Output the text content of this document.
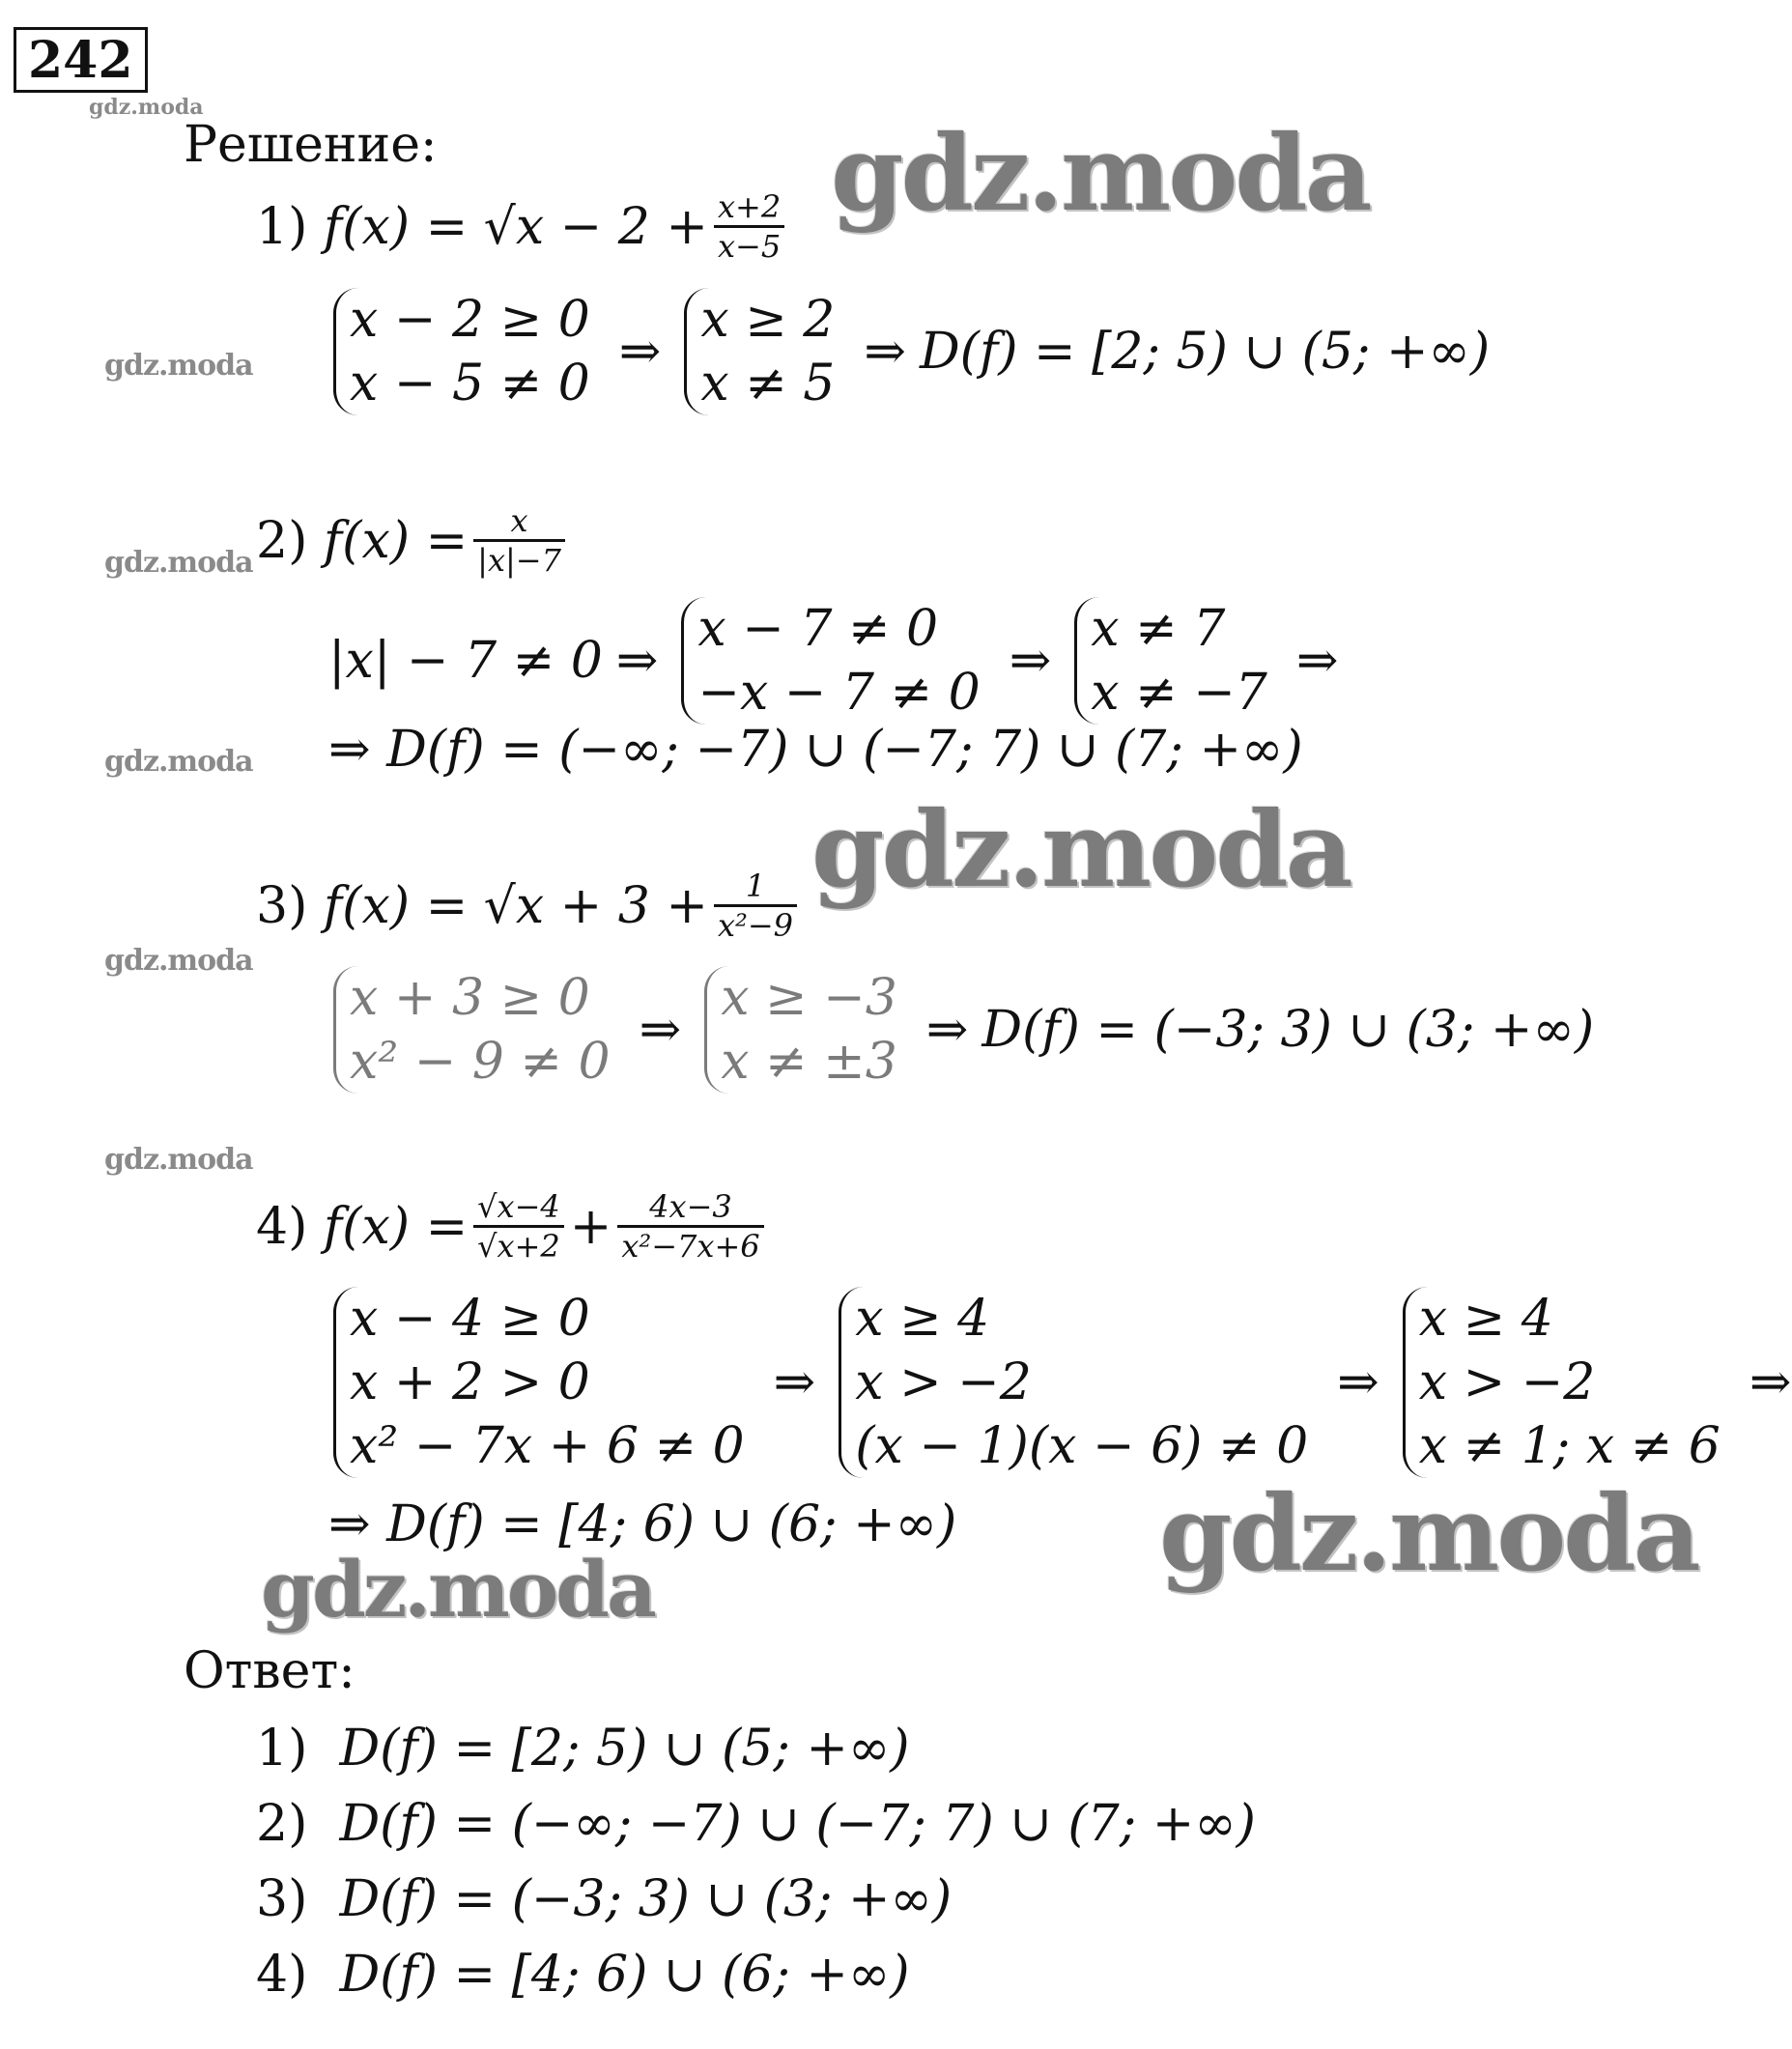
242
gdz.moda
Решение:
1)
$f(x) = √x - 2 + \frac{x+2}{x-5}$
x − 2 ≥ 0
x − 5 ≠ 0
⇒
x ≥ 2
x ≠ 5
⇒ D(f) = [2; 5) ∪ (5; +∞)
2)
$f(x) = \frac{x}{|x|-7}$
|x| − 7 ≠ 0 ⇒
x − 7 ≠ 0
−x − 7 ≠ 0
⇒
x ≠ 7
x ≠ −7
⇒
⇒ D(f) = (−∞; −7) ∪ (−7; 7) ∪ (7; +∞)
3)
$f(x) = √x + 3 + \frac{1}{\text{x²−9}}$
x + 3 ≥ 0
x² − 9 ≠ 0
⇒
x ≥ −3
x ≠ ±3
⇒ D(f) = (−3; 3) ∪ (3; +∞)
4)
$f(x) = \frac{√x-4}{√x+2} + \frac{4x-3}{\text{x²−7x+6}}$
x − 4 ≥ 0
x + 2 > 0
x² − 7x + 6 ≠ 0
⇒
x ≥ 4
x > −2
(x − 1)(x − 6) ≠ 0
⇒
x ≥ 4
x > −2
x ≠ 1; x ≠ 6
⇒
⇒ D(f) = [4; 6) ∪ (6; +∞)
Ответ:
1) D(f) = [2; 5) ∪ (5; +∞)
2) D(f) = (−∞; −7) ∪ (−7; 7) ∪ (7; +∞)
3) D(f) = (−3; 3) ∪ (3; +∞)
4) D(f) = [4; 6) ∪ (6; +∞)
gdz.moda
gdz.moda
gdz.moda
gdz.moda
gdz.moda
gdz.moda
gdz.moda
gdz.moda
gdz.moda
